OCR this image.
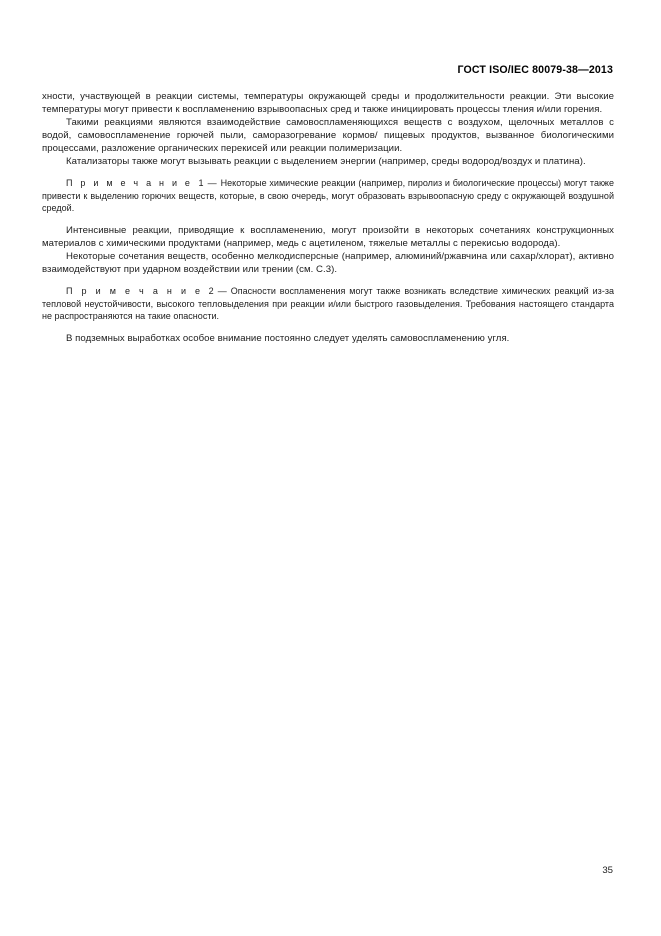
ГОСТ ISO/IEC 80079-38—2013

хности, участвующей в реакции системы, температуры окружающей среды и продолжительности реакции. Эти высокие температуры могут привести к воспламенению взрывоопасных сред и также инициировать процессы тления и/или горения.

Такими реакциями являются взаимодействие самовоспламеняющихся веществ с воздухом, щелочных металлов с водой, самовоспламенение горючей пыли, саморазогревание кормов/ пищевых продуктов, вызванное биологическими процессами, разложение органических перекисей или реакции полимеризации.

Катализаторы также могут вызывать реакции с выделением энергии (например, среды водород/воздух и платина).

П р и м е ч а н и е 1 — Некоторые химические реакции (например, пиролиз и биологические процессы) могут также привести к выделению горючих веществ, которые, в свою очередь, могут образовать взрывоопасную среду с окружающей воздушной средой.

Интенсивные реакции, приводящие к воспламенению, могут произойти в некоторых сочетаниях конструкционных материалов с химическими продуктами (например, медь с ацетиленом, тяжелые металлы с перекисью водорода).

Некоторые сочетания веществ, особенно мелкодисперсные (например, алюминий/ржавчина или сахар/хлорат), активно взаимодействуют при ударном воздействии или трении (см. С.3).

П р и м е ч а н и е 2 — Опасности воспламенения могут также возникать вследствие химических реакций из-за тепловой неустойчивости, высокого тепловыделения при реакции и/или быстрого газовыделения. Требования настоящего стандарта не распространяются на такие опасности.

В подземных выработках особое внимание постоянно следует уделять самовоспламенению угля.

35
